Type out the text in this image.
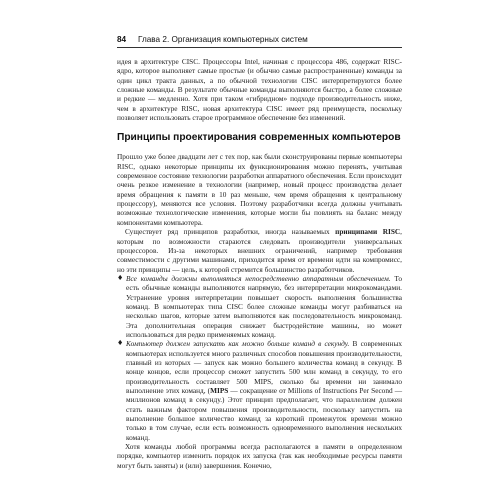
84 Глава 2. Организация компьютерных систем

идея в архитектуре CISC. Процессоры Intel, начиная с процессора 486, содержат RISC-ядро, которое выполняет самые простые (и обычно самые распространенные) команды за один цикл тракта данных, а по обычной технологии CISC интерпретируются более сложные команды. В результате обычные команды выполняются быстро, а более сложные и редкие — медленно. Хотя при таком «гибридном» подходе производительность ниже, чем в архитектуре RISC, новая архитектура CISC имеет ряд преимуществ, поскольку позволяет использовать старое программное обеспечение без изменений.

Принципы проектирования современных компьютеров

Прошло уже более двадцати лет с тех пор, как были сконструированы первые компьютеры RISC, однако некоторые принципы их функционирования можно перенять, учитывая современное состояние технологии разработки аппаратного обеспечения. Если происходит очень резкое изменение в технологии (например, новый процесс производства делает время обращения к памяти в 10 раз меньше, чем время обращения к центральному процессору), меняются все условия. Поэтому разработчики всегда должны учитывать возможные технологические изменения, которые могли бы повлиять на баланс между компонентами компьютера.

Существует ряд принципов разработки, иногда называемых принципами RISC, которым по возможности стараются следовать производители универсальных процессоров. Из-за некоторых внешних ограничений, например требования совместимости с другими машинами, приходится время от времени идти на компромисс, но эти принципы — цель, к которой стремится большинство разработчиков.

♦ Все команды должны выполняться непосредственно аппаратным обеспечением. То есть обычные команды выполняются напрямую, без интерпретации микрокомандами. Устранение уровня интерпретации повышает скорость выполнения большинства команд. В компьютерах типа CISC более сложные команды могут разбиваться на несколько шагов, которые затем выполняются как последовательность микрокоманд. Эта дополнительная операция снижает быстродействие машины, но может использоваться для редко применяемых команд.
♦ Компьютер должен запускать как можно больше команд в секунду. В современных компьютерах используется много различных способов повышения производительности, главный из которых — запуск как можно большего количества команд в секунду. В конце концов, если процессор сможет запустить 500 млн команд в секунду, то его производительность составляет 500 MIPS, сколько бы времени ни занимало выполнение этих команд, (MIPS — сокращение от Millions of Instructions Per Second — миллионов команд в секунду.) Этот принцип предполагает, что параллелизм должен стать важным фактором повышения производительности, поскольку запустить на выполнение большое количество команд за короткий промежуток времени можно только в том случае, если есть возможность одновременного выполнения нескольких команд.

Хотя команды любой программы всегда располагаются в памяти в определенном порядке, компьютер изменить порядок их запуска (так как необходимые ресурсы памяти могут быть заняты) и (или) завершения. Конечно,
